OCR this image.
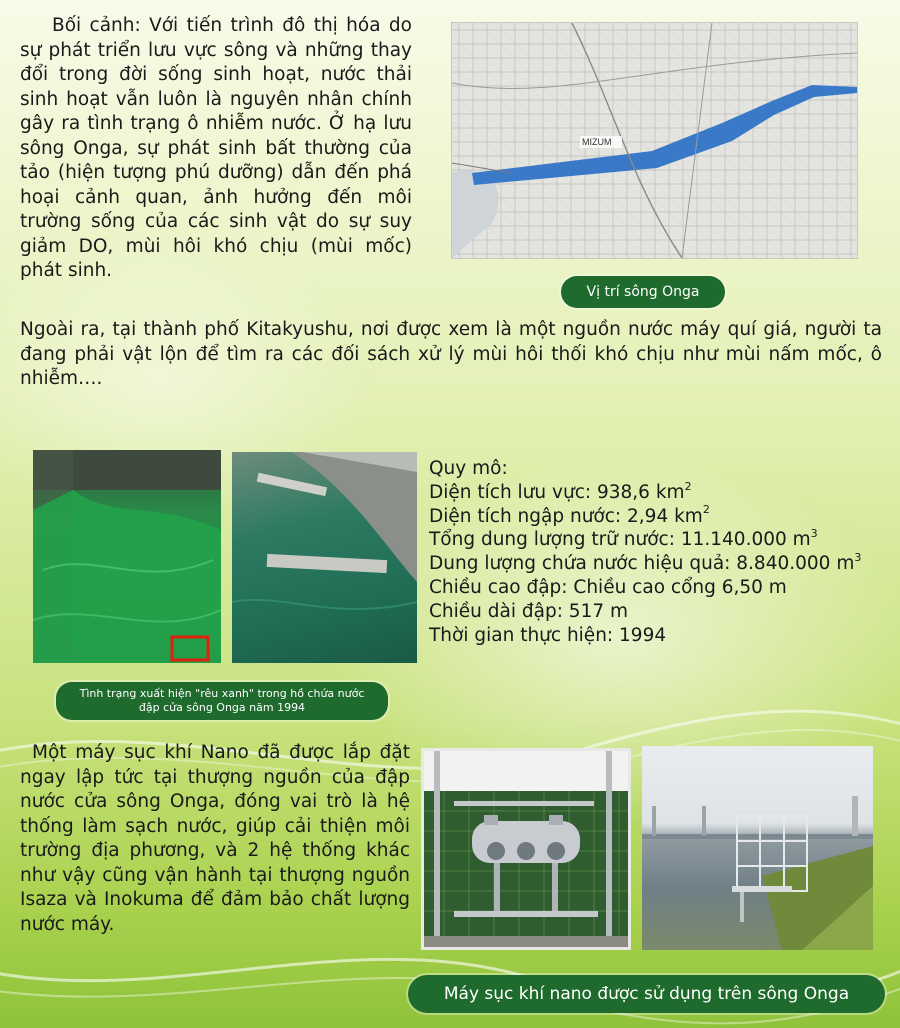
Bối cảnh: Với tiến trình đô thị hóa do sự phát triển lưu vực sông và những thay đổi trong đời sống sinh hoạt, nước thải sinh hoạt vẫn luôn là nguyên nhân chính gây ra tình trạng ô nhiễm nước. Ở hạ lưu sông Onga, sự phát sinh bất thường của tảo (hiện tượng phú dưỡng) dẫn đến phá hoại cảnh quan, ảnh hưởng đến môi trường sống của các sinh vật do sự suy giảm DO, mùi hôi khó chịu (mùi mốc) phát sinh.

MIZUM
Vị trí sông Onga

Ngoài ra, tại thành phố Kitakyushu, nơi được xem là một nguồn nước máy quí giá, người ta đang phải vật lộn để tìm ra các đối sách xử lý mùi hôi thối khó chịu như mùi nấm mốc, ô nhiễm….

Tình trạng xuất hiện "rêu xanh" trong hồ chứa nước
đập cửa sông Onga năm 1994
Quy mô:
Diện tích lưu vực: 938,6 $km^2$
Diện tích ngập nước: 2,94 $km^2$
Tổng dung lượng trữ nước: 11.140.000 $m^3$
Dung lượng chứa nước hiệu quả: 8.840.000 $m^3$
Chiều cao đập: Chiều cao cổng 6,50 m
Chiều dài đập: 517 m
Thời gian thực hiện: 1994

Một máy sục khí Nano đã được lắp đặt ngay lập tức tại thượng nguồn của đập nước cửa sông Onga, đóng vai trò là hệ thống làm sạch nước, giúp cải thiện môi trường địa phương, và 2 hệ thống khác như vậy cũng vận hành tại thượng nguồn Isaza và Inokuma để đảm bảo chất lượng nước máy.

Máy sục khí nano được sử dụng trên sông Onga
